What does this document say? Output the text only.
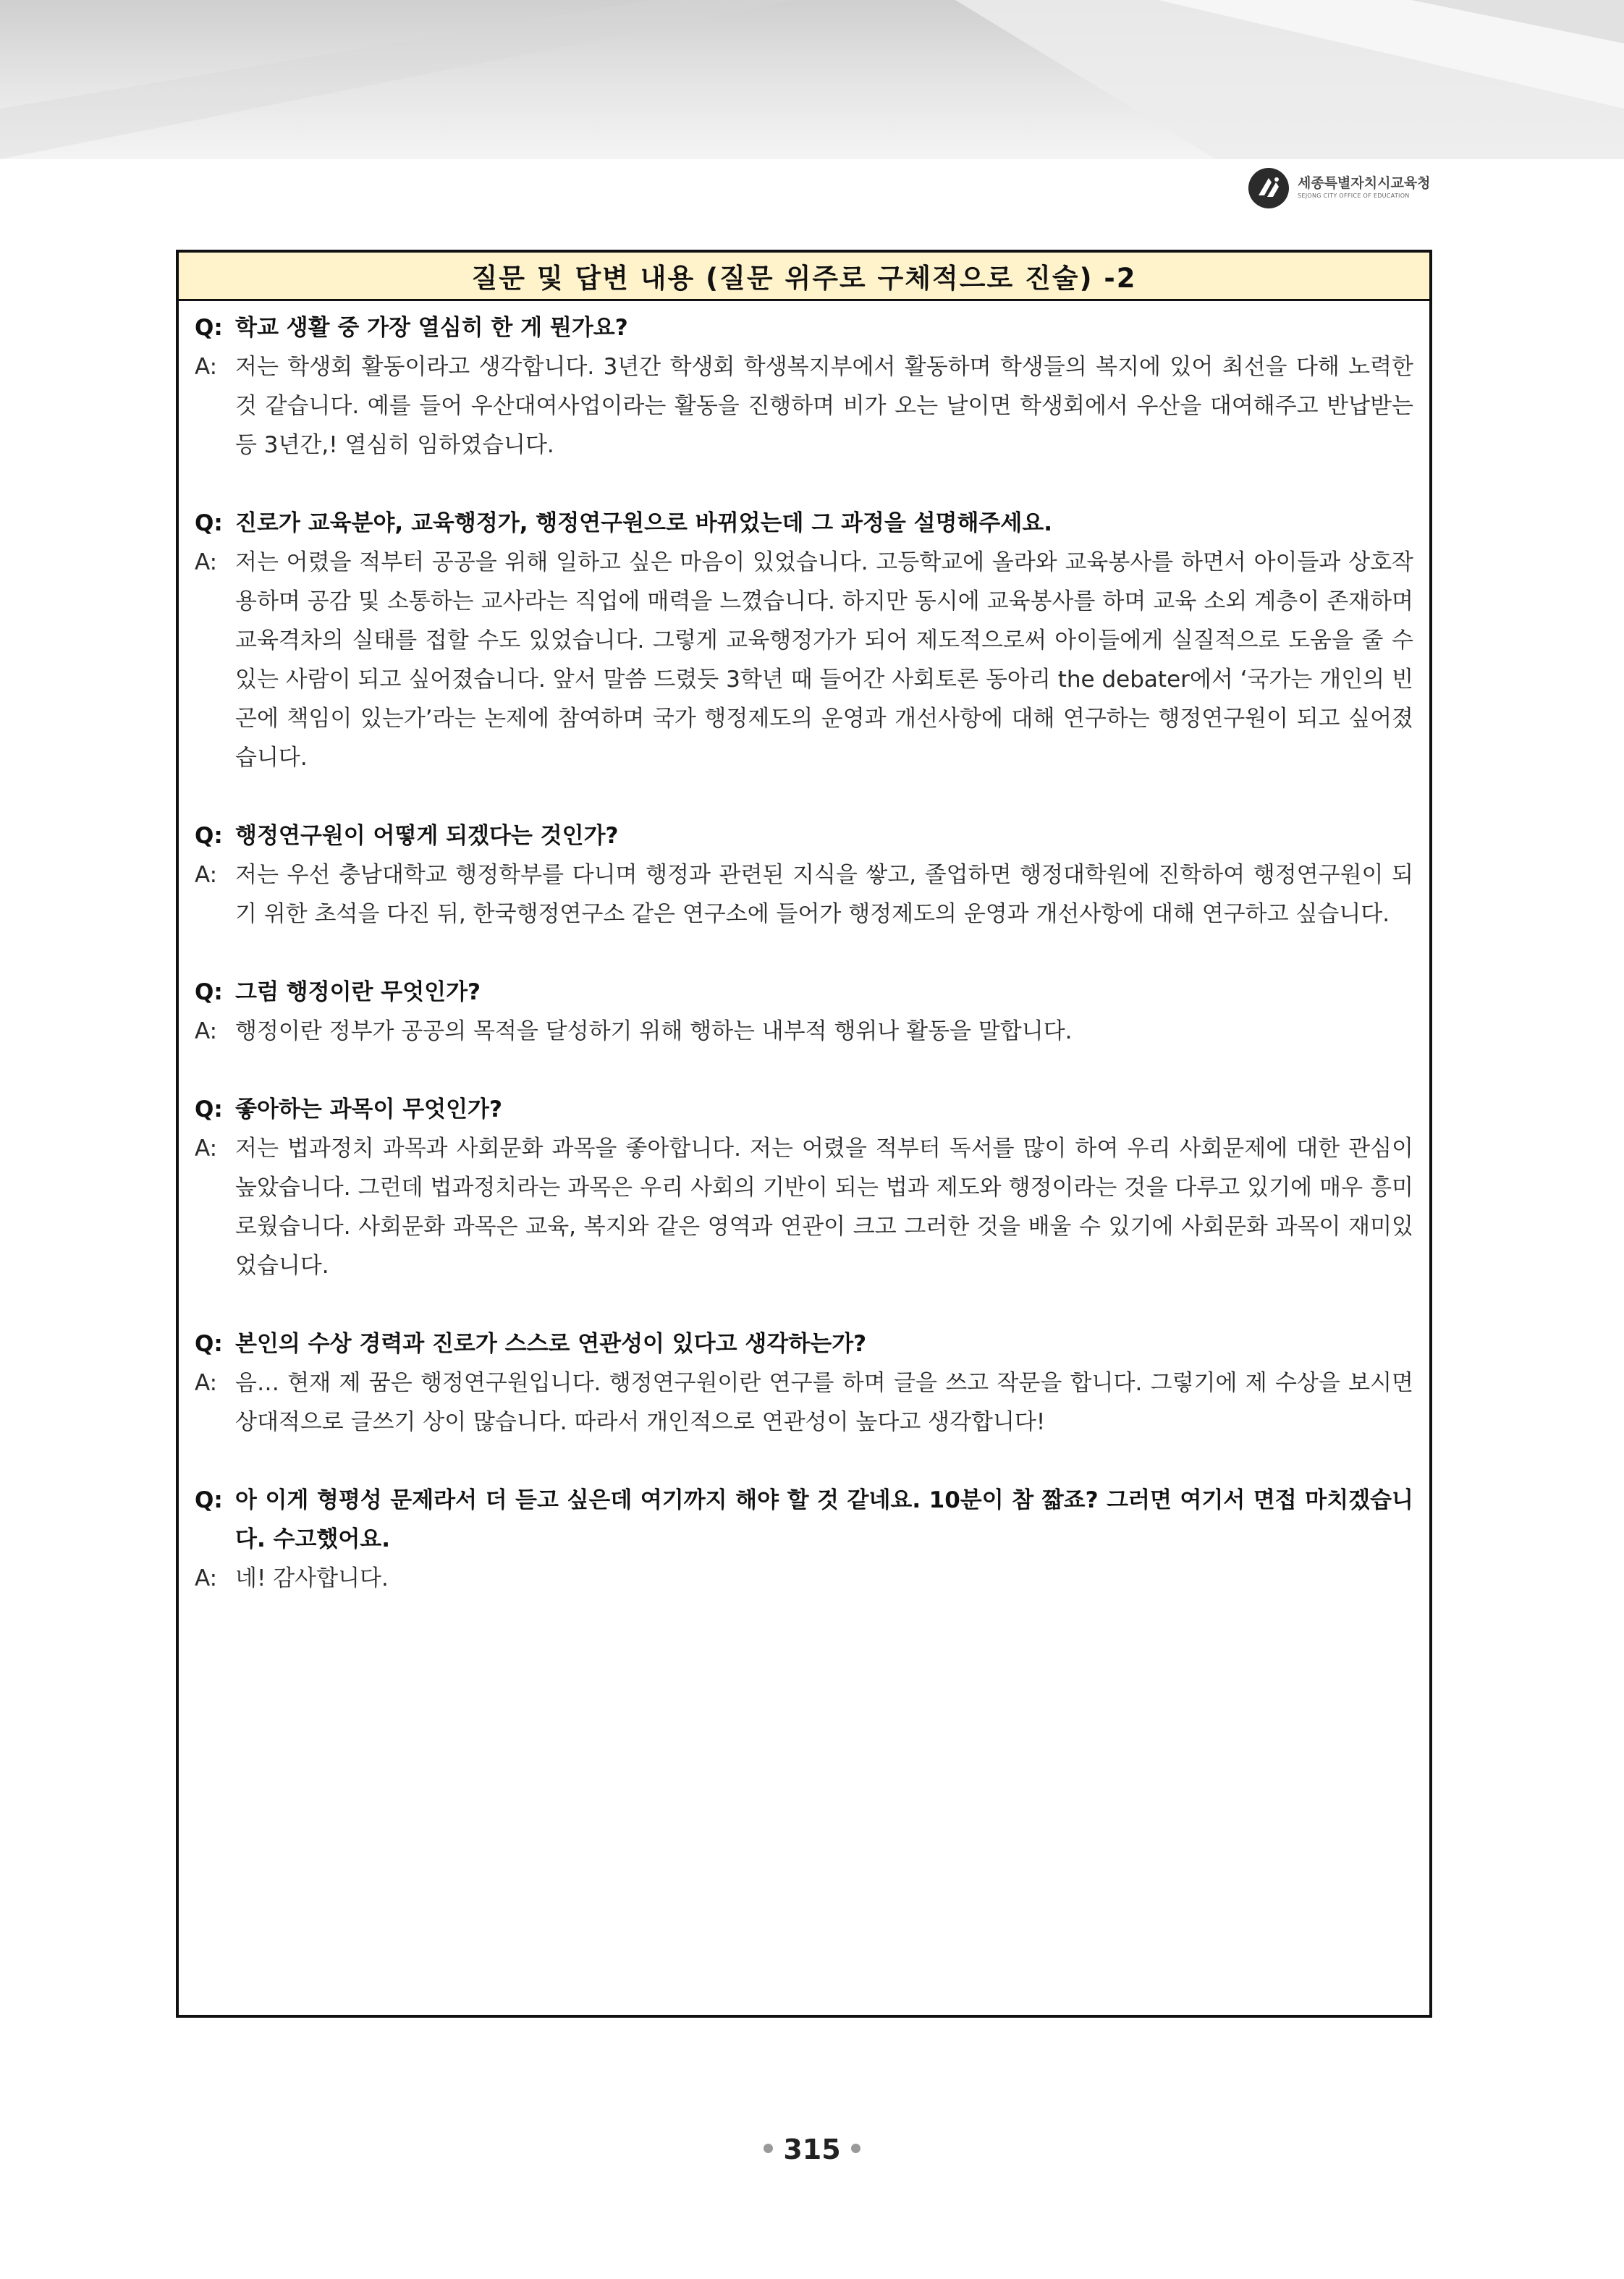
세종특별자치시교육청
SEJONG CITY OFFICE OF EDUCATION
질문 및 답변 내용 (질문 위주로 구체적으로 진술) -2
Q: 학교 생활 중 가장 열심히 한 게 뭔가요?
A: 저는 학생회 활동이라고 생각합니다. 3년간 학생회 학생복지부에서 활동하며 학생들의 복지에 있어 최선을 다해 노력한 것 같습니다. 예를 들어 우산대여사업이라는 활동을 진행하며 비가 오는 날이면 학생회에서 우산을 대여해주고 반납받는 등 3년간,! 열심히 임하였습니다.
Q: 진로가 교육분야, 교육행정가, 행정연구원으로 바뀌었는데 그 과정을 설명해주세요.
A: 저는 어렸을 적부터 공공을 위해 일하고 싶은 마음이 있었습니다. 고등학교에 올라와 교육봉사를 하면서 아이들과 상호작용하며 공감 및 소통하는 교사라는 직업에 매력을 느꼈습니다. 하지만 동시에 교육봉사를 하며 교육 소외 계층이 존재하며 교육격차의 실태를 접할 수도 있었습니다. 그렇게 교육행정가가 되어 제도적으로써 아이들에게 실질적으로 도움을 줄 수 있는 사람이 되고 싶어졌습니다. 앞서 말씀 드렸듯 3학년 때 들어간 사회토론 동아리 the debater에서 ‘국가는 개인의 빈곤에 책임이 있는가’라는 논제에 참여하며 국가 행정제도의 운영과 개선사항에 대해 연구하는 행정연구원이 되고 싶어졌습니다.
Q: 행정연구원이 어떻게 되겠다는 것인가?
A: 저는 우선 충남대학교 행정학부를 다니며 행정과 관련된 지식을 쌓고, 졸업하면 행정대학원에 진학하여 행정연구원이 되기 위한 초석을 다진 뒤, 한국행정연구소 같은 연구소에 들어가 행정제도의 운영과 개선사항에 대해 연구하고 싶습니다.
Q: 그럼 행정이란 무엇인가?
A: 행정이란 정부가 공공의 목적을 달성하기 위해 행하는 내부적 행위나 활동을 말합니다.
Q: 좋아하는 과목이 무엇인가?
A: 저는 법과정치 과목과 사회문화 과목을 좋아합니다. 저는 어렸을 적부터 독서를 많이 하여 우리 사회문제에 대한 관심이 높았습니다. 그런데 법과정치라는 과목은 우리 사회의 기반이 되는 법과 제도와 행정이라는 것을 다루고 있기에 매우 흥미로웠습니다. 사회문화 과목은 교육, 복지와 같은 영역과 연관이 크고 그러한 것을 배울 수 있기에 사회문화 과목이 재미있었습니다.
Q: 본인의 수상 경력과 진로가 스스로 연관성이 있다고 생각하는가?
A: 음… 현재 제 꿈은 행정연구원입니다. 행정연구원이란 연구를 하며 글을 쓰고 작문을 합니다. 그렇기에 제 수상을 보시면 상대적으로 글쓰기 상이 많습니다. 따라서 개인적으로 연관성이 높다고 생각합니다!
Q: 아 이게 형평성 문제라서 더 듣고 싶은데 여기까지 해야 할 것 같네요. 10분이 참 짧죠? 그러면 여기서 면접 마치겠습니다. 수고했어요.
A: 네! 감사합니다.
315
